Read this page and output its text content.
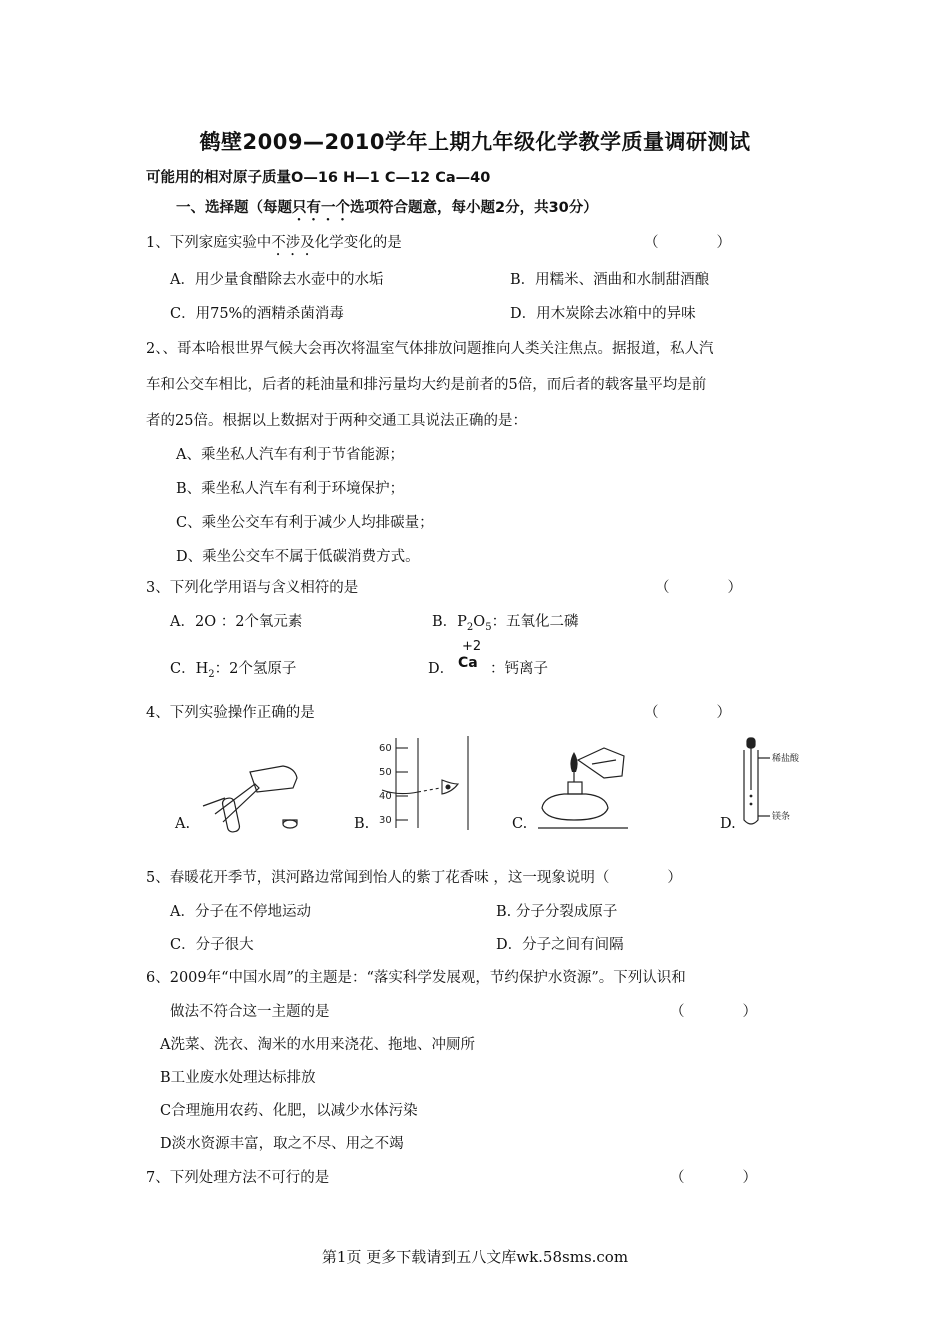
鹤壁2009—2010学年上期九年级化学教学质量调研测试
可能用的相对原子质量O—16 H—1 C—12 Ca—40
一、选择题（每题只有一个选项符合题意，每小题2分，共30分）
1、下列家庭实验中不涉及化学变化的是	（　　　　）
A．用少量食醋除去水壶中的水垢	B．用糯米、酒曲和水制甜酒酿
C．用75%的酒精杀菌消毒	D．用木炭除去冰箱中的异味
2、、哥本哈根世界气候大会再次将温室气体排放问题推向人类关注焦点。据报道，私人汽
车和公交车相比，后者的耗油量和排污量均大约是前者的5倍，而后者的载客量平均是前
者的25倍。根据以上数据对于两种交通工具说法正确的是：
A、乘坐私人汽车有利于节省能源；
B、乘坐私人汽车有利于环境保护；
C、乘坐公交车有利于减少人均排碳量；
D、乘坐公交车不属于低碳消费方式。
3、下列化学用语与含义相符的是	（　　　　）
A．2O ：2个氧元素	B．$P_2O_5$：五氧化二磷
C．$H_2$：2个氢原子	D．
+2
Ca ：钙离子
4、下列实验操作正确的是	（　　　　）
A.	B.
60
50
40
30	C.	D.
稀盐酸
镁条
5、春暖花开季节，淇河路边常闻到怡人的紫丁花香味 ，这一现象说明（　　　　）
A．分子在不停地运动	B. 分子分裂成原子
C．分子很大	D．分子之间有间隔
6、2009年“中国水周”的主题是：“落实科学发展观，节约保护水资源”。下列认识和
做法不符合这一主题的是	（　　　　）
A洗菜、洗衣、淘米的水用来浇花、拖地、冲厕所
B工业废水处理达标排放
C合理施用农药、化肥，以减少水体污染
D淡水资源丰富，取之不尽、用之不竭
7、下列处理方法不可行的是	（　　　　）
第1页 更多下载请到五八文库wk.58sms.com
